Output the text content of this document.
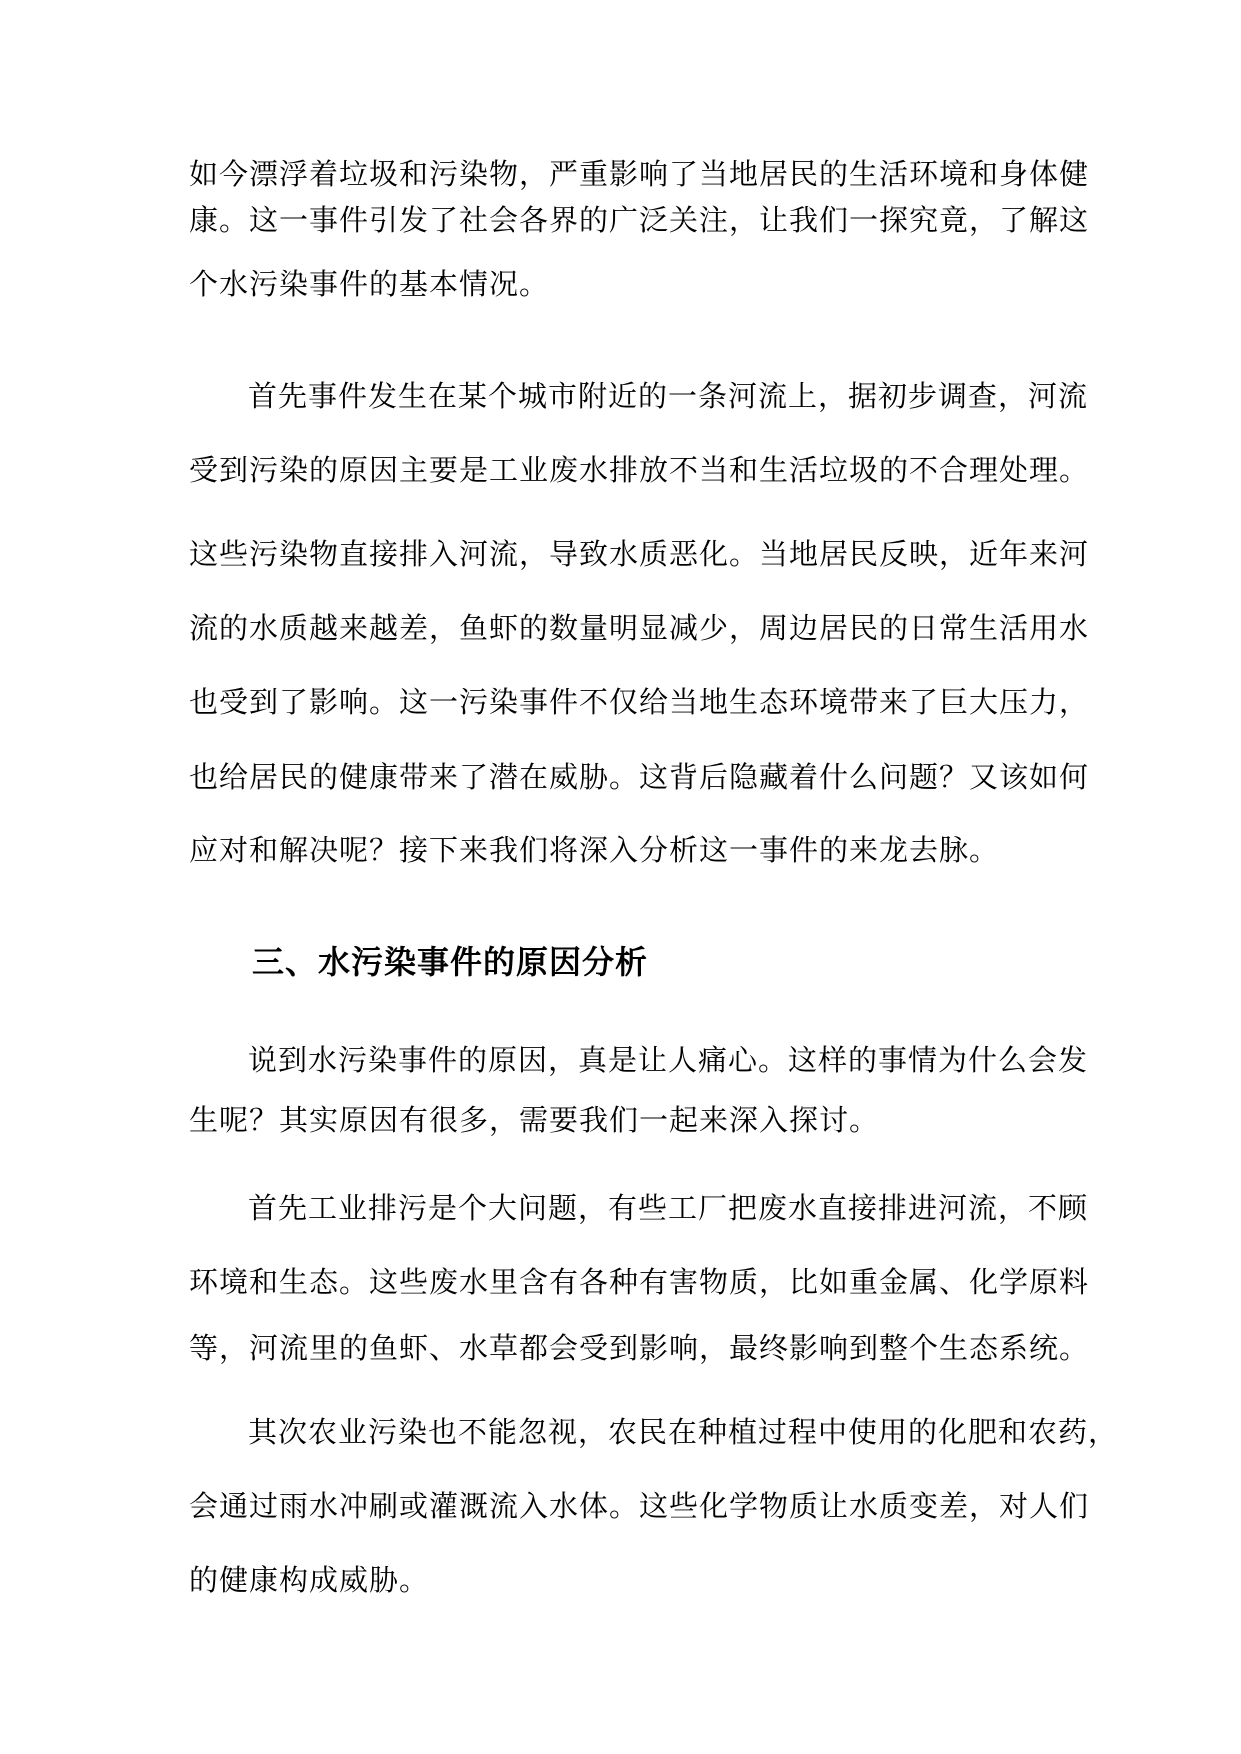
如今漂浮着垃圾和污染物，严重影响了当地居民的生活环境和身体健
康。这一事件引发了社会各界的广泛关注，让我们一探究竟，了解这
个水污染事件的基本情况。
首先事件发生在某个城市附近的一条河流上，据初步调查，河流
受到污染的原因主要是工业废水排放不当和生活垃圾的不合理处理。
这些污染物直接排入河流，导致水质恶化。当地居民反映，近年来河
流的水质越来越差，鱼虾的数量明显减少，周边居民的日常生活用水
也受到了影响。这一污染事件不仅给当地生态环境带来了巨大压力，
也给居民的健康带来了潜在威胁。这背后隐藏着什么问题？又该如何
应对和解决呢？接下来我们将深入分析这一事件的来龙去脉。
三、水污染事件的原因分析
说到水污染事件的原因，真是让人痛心。这样的事情为什么会发
生呢？其实原因有很多，需要我们一起来深入探讨。
首先工业排污是个大问题，有些工厂把废水直接排进河流，不顾
环境和生态。这些废水里含有各种有害物质，比如重金属、化学原料
等，河流里的鱼虾、水草都会受到影响，最终影响到整个生态系统。
其次农业污染也不能忽视，农民在种植过程中使用的化肥和农药，
会通过雨水冲刷或灌溉流入水体。这些化学物质让水质变差，对人们
的健康构成威胁。
